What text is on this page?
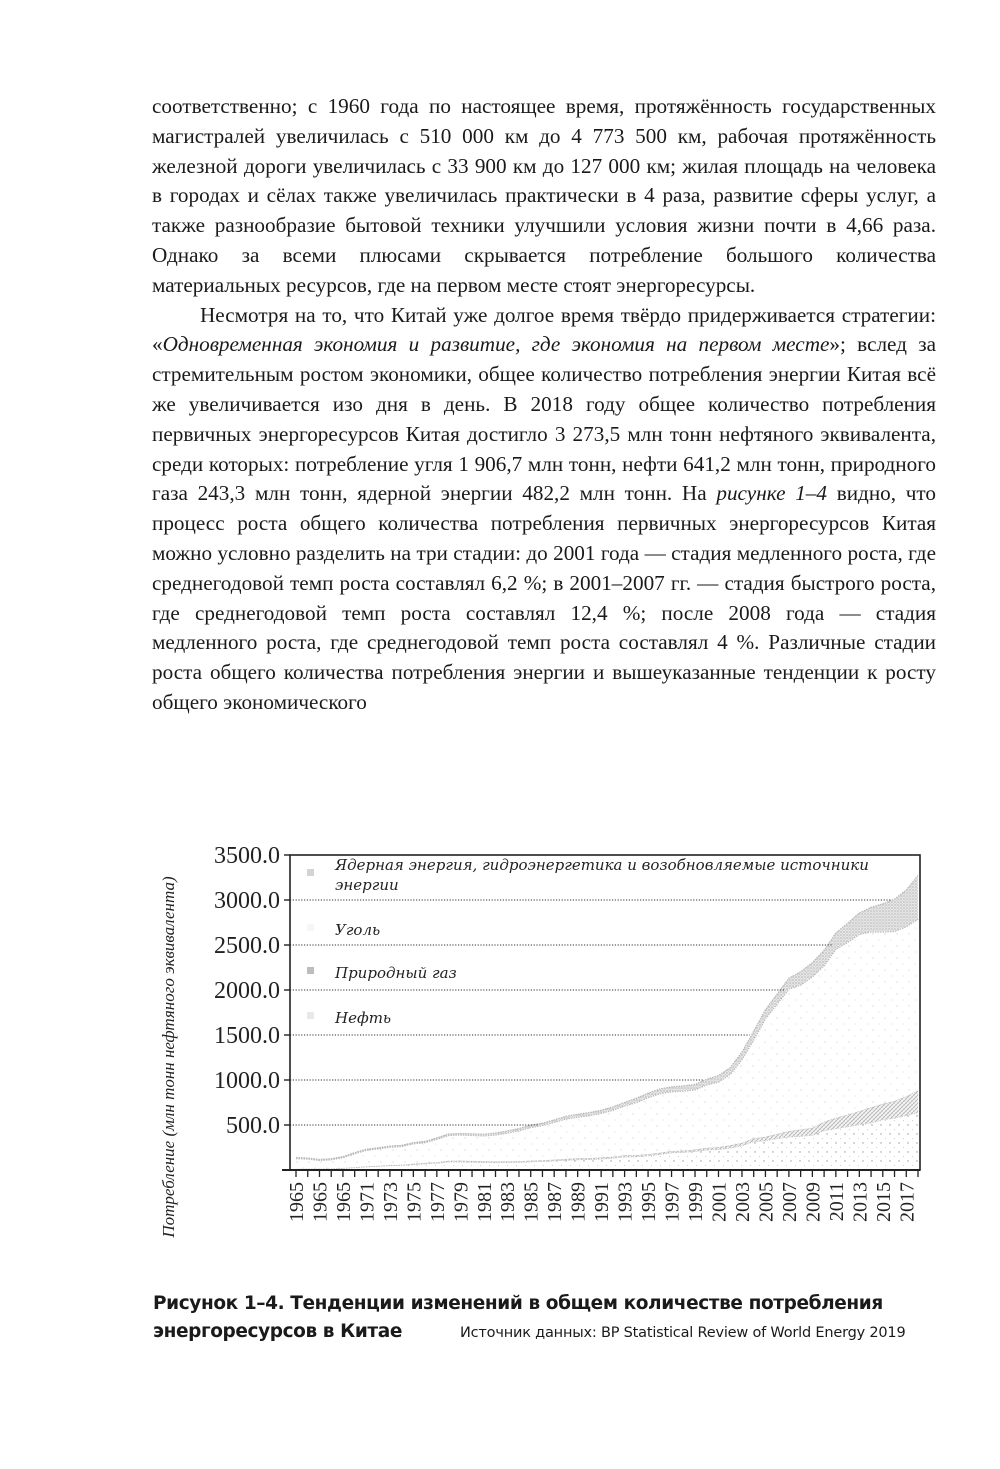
соответственно; с 1960 года по настоящее время, протяжённость государственных магистралей увеличилась с 510 000 км до 4 773 500 км, рабочая протяжённость железной дороги увеличилась с 33 900 км до 127 000 км; жилая площадь на человека в городах и сёлах также увеличилась практически в 4 раза, развитие сферы услуг, а также разнообразие бытовой техники улучшили условия жизни почти в 4,66 раза. Однако за всеми плюсами скрывается потребление большого количества материальных ресурсов, где на первом месте стоят энергоресурсы.

Несмотря на то, что Китай уже долгое время твёрдо придерживается стратегии: «Одновременная экономия и развитие, где экономия на первом месте»; вслед за стремительным ростом экономики, общее количество потребления энергии Китая всё же увеличивается изо дня в день. В 2018 году общее количество потребления первичных энергоресурсов Китая достигло 3 273,5 млн тонн нефтяного эквивалента, среди которых: потребление угля 1 906,7 млн тонн, нефти 641,2 млн тонн, природного газа 243,3 млн тонн, ядерной энергии 482,2 млн тонн. На рисунке 1–4 видно, что процесс роста общего количества потребления первичных энергоресурсов Китая можно условно разделить на три стадии: до 2001 года — стадия медленного роста, где среднегодовой темп роста составлял 6,2 %; в 2001–2007 гг. — стадия быстрого роста, где среднегодовой темп роста составлял 12,4 %; после 2008 года — стадия медленного роста, где среднегодовой темп роста составлял 4 %. Различные стадии роста общего количества потребления энергии и вышеуказанные тенденции к росту общего экономического

Потребление (млн тонн нефтяного эквивалента)
3500.0
3000.0
2500.0
2000.0
1500.0
1000.0
500.0
1965 1965 1965 1971 1973 1975 1977 1979 1981 1983 1985 1987 1989 1991 1993 1995 1997 1999 2001 2003 2005 2007 2009 2011 2013 2015 2017
Ядерная энергия, гидроэнергетика и возобновляемые источники
энергии
Уголь
Природный газ
Нефть
Рисунок 1–4. Тенденции изменений в общем количестве потребления
энергоресурсов в Китае	Источник данных: BP Statistical Review of World Energy 2019
